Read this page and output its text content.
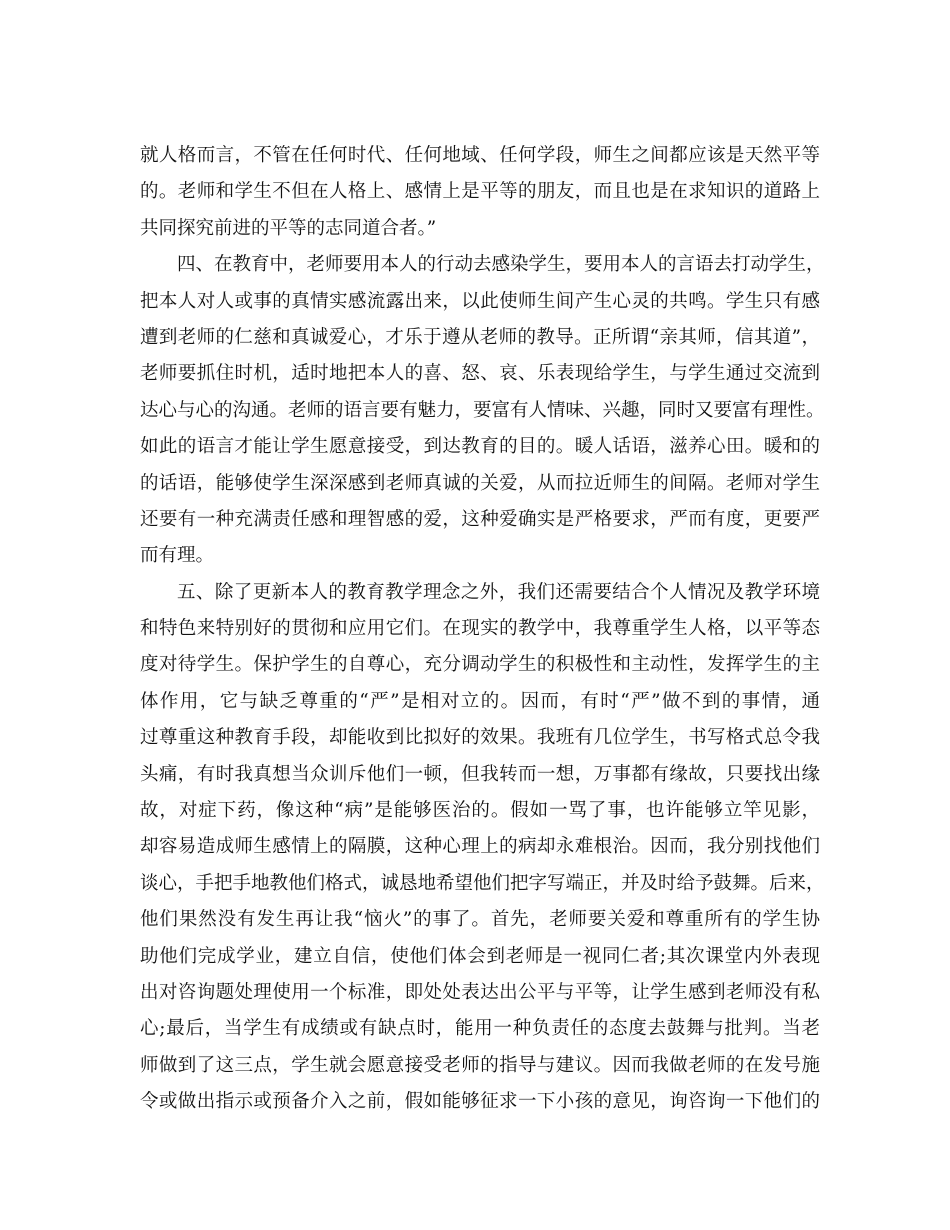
就人格而言，不管在任何时代、任何地域、任何学段，师生之间都应该是天然平等
的。老师和学生不但在人格上、感情上是平等的朋友，而且也是在求知识的道路上
共同探究前进的平等的志同道合者。”
四、在教育中，老师要用本人的行动去感染学生，要用本人的言语去打动学生，
把本人对人或事的真情实感流露出来，以此使师生间产生心灵的共鸣。学生只有感
遭到老师的仁慈和真诚爱心，才乐于遵从老师的教导。正所谓“亲其师，信其道”，
老师要抓住时机，适时地把本人的喜、怒、哀、乐表现给学生，与学生通过交流到
达心与心的沟通。老师的语言要有魅力，要富有人情味、兴趣，同时又要富有理性。
如此的语言才能让学生愿意接受，到达教育的目的。暖人话语，滋养心田。暖和的
的话语，能够使学生深深感到老师真诚的关爱，从而拉近师生的间隔。老师对学生
还要有一种充满责任感和理智感的爱，这种爱确实是严格要求，严而有度，更要严
而有理。
五、除了更新本人的教育教学理念之外，我们还需要结合个人情况及教学环境
和特色来特别好的贯彻和应用它们。在现实的教学中，我尊重学生人格，以平等态
度对待学生。保护学生的自尊心，充分调动学生的积极性和主动性，发挥学生的主
体作用，它与缺乏尊重的“严”是相对立的。因而，有时“严”做不到的事情，通
过尊重这种教育手段，却能收到比拟好的效果。我班有几位学生，书写格式总令我
头痛，有时我真想当众训斥他们一顿，但我转而一想，万事都有缘故，只要找出缘
故，对症下药，像这种“病”是能够医治的。假如一骂了事，也许能够立竿见影，
却容易造成师生感情上的隔膜，这种心理上的病却永难根治。因而，我分别找他们
谈心，手把手地教他们格式，诚恳地希望他们把字写端正，并及时给予鼓舞。后来，
他们果然没有发生再让我“恼火”的事了。首先，老师要关爱和尊重所有的学生协
助他们完成学业，建立自信，使他们体会到老师是一视同仁者;其次课堂内外表现
出对咨询题处理使用一个标准，即处处表达出公平与平等，让学生感到老师没有私
心;最后，当学生有成绩或有缺点时，能用一种负责任的态度去鼓舞与批判。当老
师做到了这三点，学生就会愿意接受老师的指导与建议。因而我做老师的在发号施
令或做出指示或预备介入之前，假如能够征求一下小孩的意见，询咨询一下他们的
